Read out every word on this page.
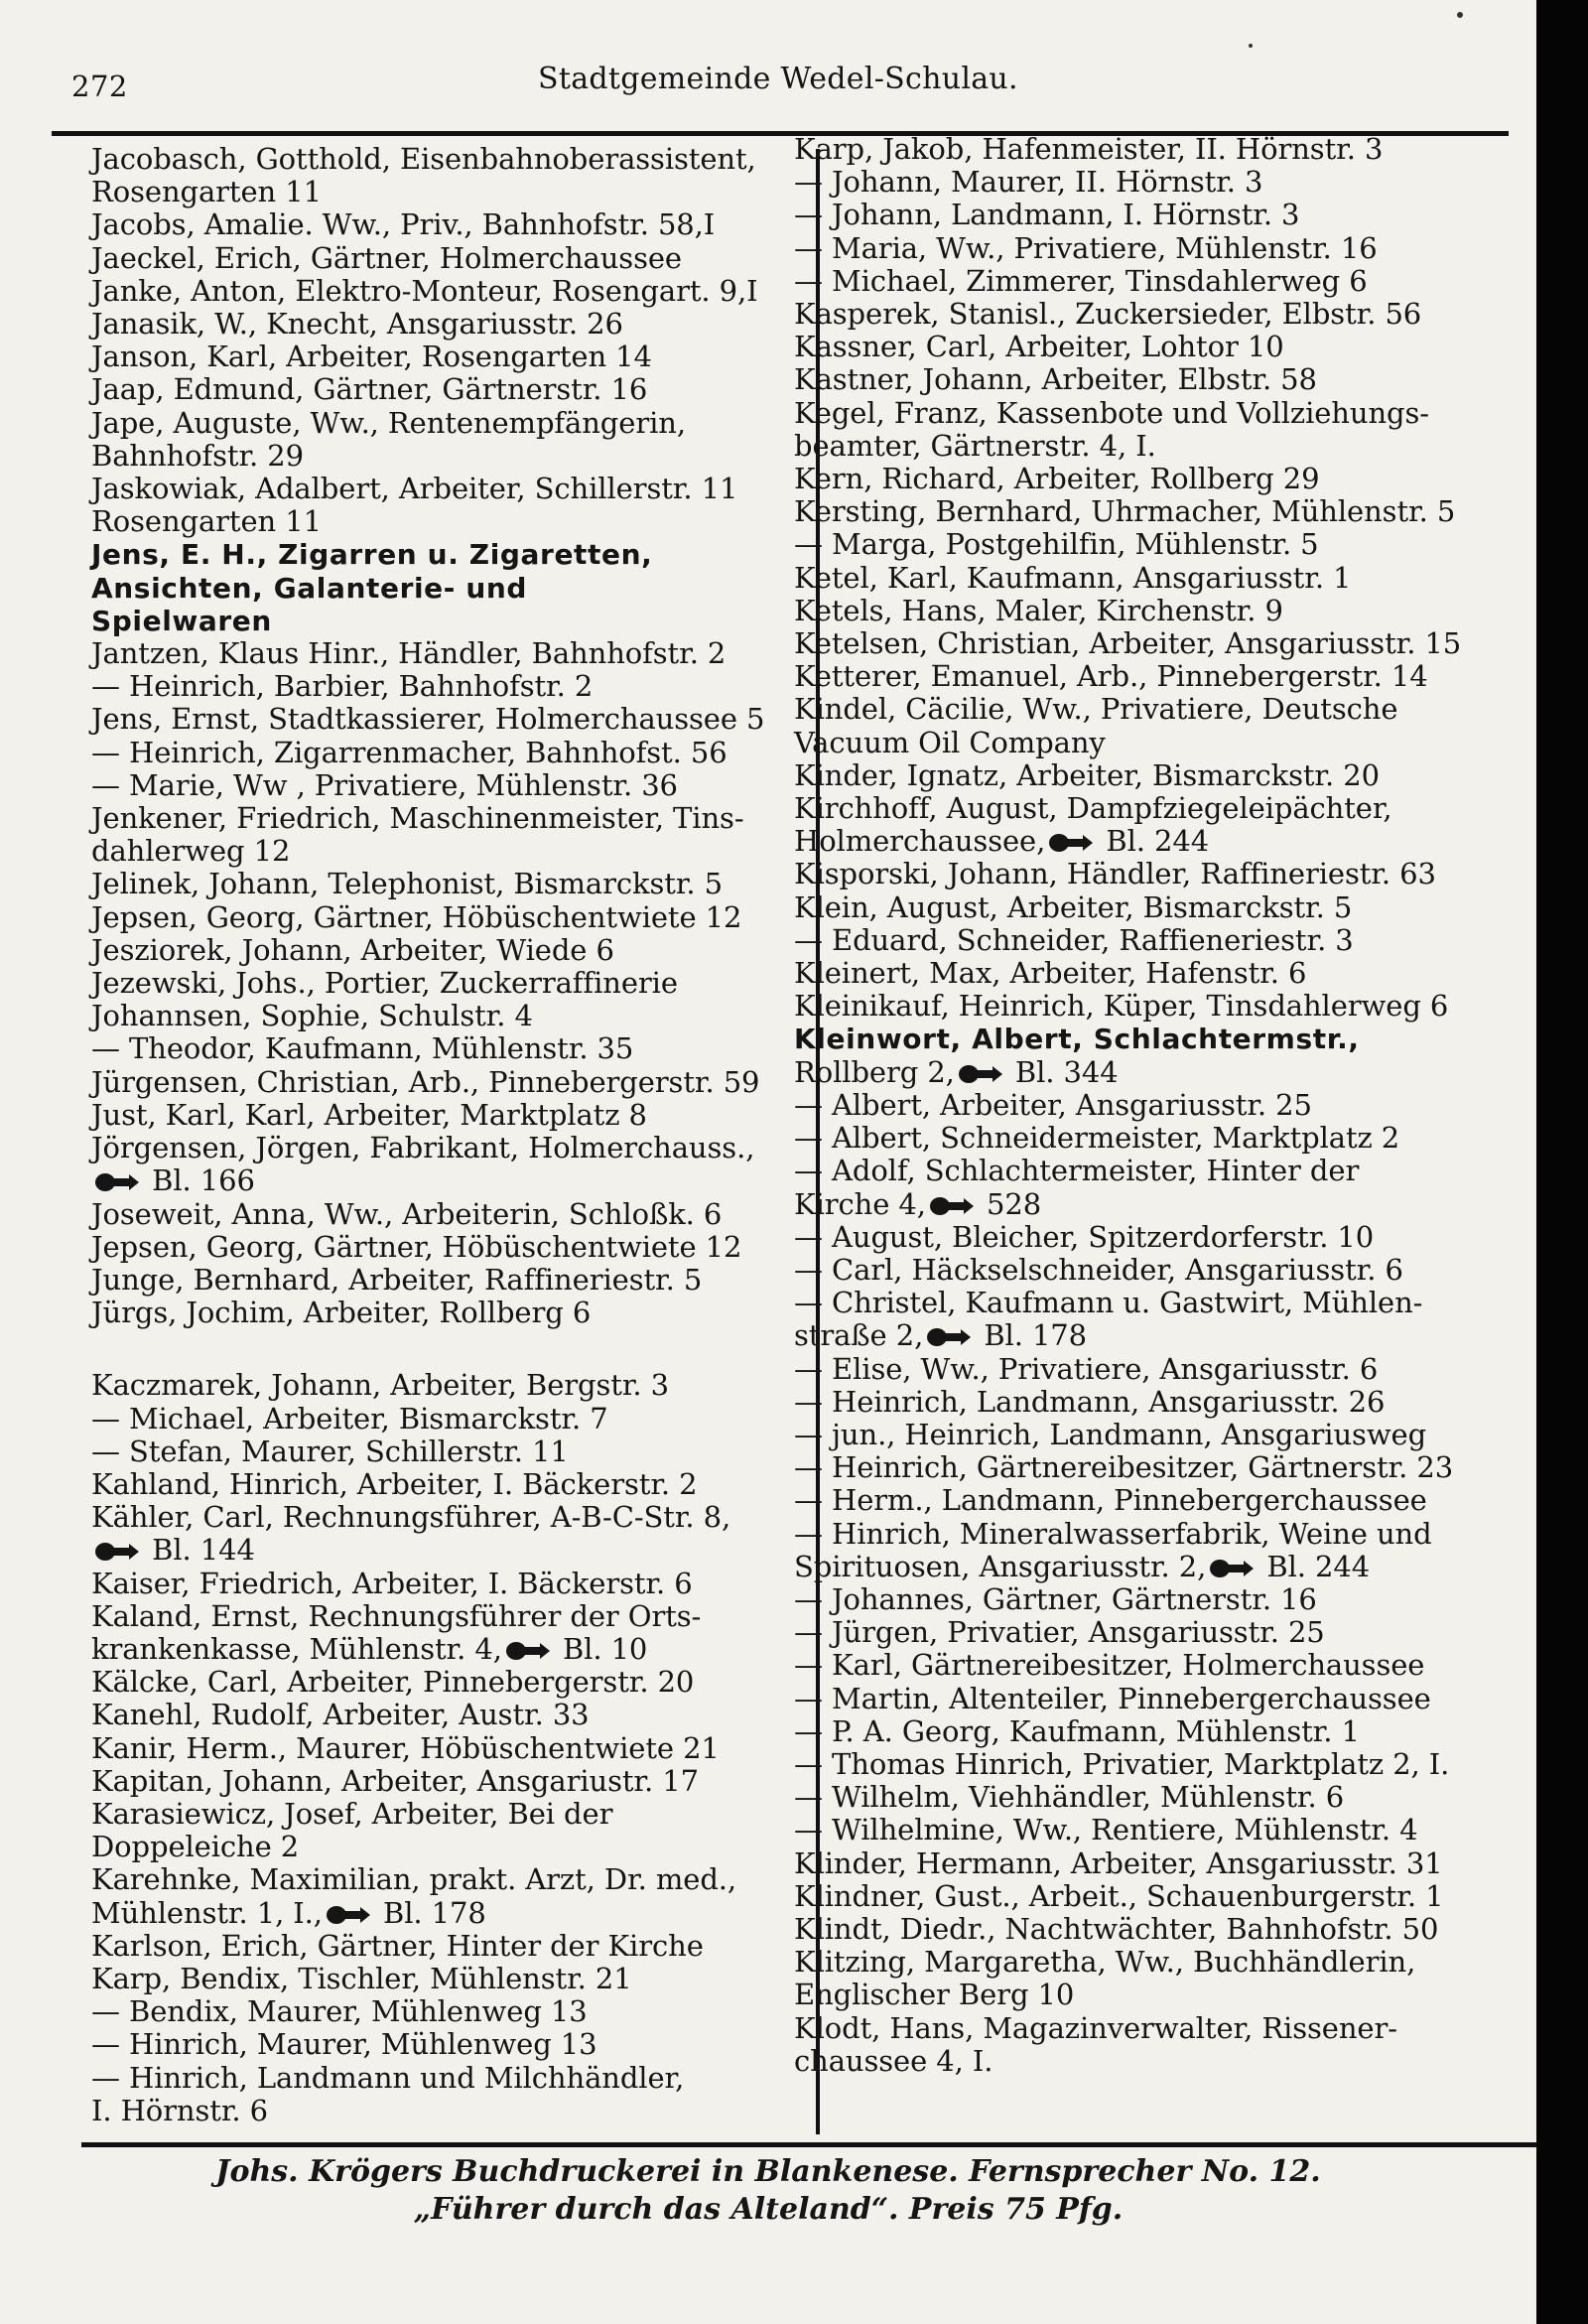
272	Stadtgemeinde Wedel-Schulau.
Jacobasch, Gotthold, Eisenbahnoberassistent,
Rosengarten 11
Jacobs, Amalie. Ww., Priv., Bahnhofstr. 58,I
Jaeckel, Erich, Gärtner, Holmerchaussee
Janke, Anton, Elektro-Monteur, Rosengart. 9,I
Janasik, W., Knecht, Ansgariusstr. 26
Janson, Karl, Arbeiter, Rosengarten 14
Jaap, Edmund, Gärtner, Gärtnerstr. 16
Jape, Auguste, Ww., Rentenempfängerin,
Bahnhofstr. 29
Jaskowiak, Adalbert, Arbeiter, Schillerstr. 11
Rosengarten 11
Jens, E. H., Zigarren u. Zigaretten,
Ansichten, Galanterie- und
Spielwaren
Jantzen, Klaus Hinr., Händler, Bahnhofstr. 2
— Heinrich, Barbier, Bahnhofstr. 2
Jens, Ernst, Stadtkassierer, Holmerchaussee 5
— Heinrich, Zigarrenmacher, Bahnhofst. 56
— Marie, Ww , Privatiere, Mühlenstr. 36
Jenkener, Friedrich, Maschinenmeister, Tins-
dahlerweg 12
Jelinek, Johann, Telephonist, Bismarckstr. 5
Jepsen, Georg, Gärtner, Höbüschentwiete 12
Jesziorek, Johann, Arbeiter, Wiede 6
Jezewski, Johs., Portier, Zuckerraffinerie
Johannsen, Sophie, Schulstr. 4
— Theodor, Kaufmann, Mühlenstr. 35
Jürgensen, Christian, Arb., Pinnebergerstr. 59
Just, Karl, Karl, Arbeiter, Marktplatz 8
Jörgensen, Jörgen, Fabrikant, Holmerchauss.,
Bl. 166
Joseweit, Anna, Ww., Arbeiterin, Schloßk. 6
Jepsen, Georg, Gärtner, Höbüschentwiete 12
Junge, Bernhard, Arbeiter, Raffineriestr. 5
Jürgs, Jochim, Arbeiter, Rollberg 6
Kaczmarek, Johann, Arbeiter, Bergstr. 3
— Michael, Arbeiter, Bismarckstr. 7
— Stefan, Maurer, Schillerstr. 11
Kahland, Hinrich, Arbeiter, I. Bäckerstr. 2
Kähler, Carl, Rechnungsführer, A-B-C-Str. 8,
Bl. 144
Kaiser, Friedrich, Arbeiter, I. Bäckerstr. 6
Kaland, Ernst, Rechnungsführer der Orts-
krankenkasse, Mühlenstr. 4, Bl. 10
Kälcke, Carl, Arbeiter, Pinnebergerstr. 20
Kanehl, Rudolf, Arbeiter, Austr. 33
Kanir, Herm., Maurer, Höbüschentwiete 21
Kapitan, Johann, Arbeiter, Ansgariustr. 17
Karasiewicz, Josef, Arbeiter, Bei der
Doppeleiche 2
Karehnke, Maximilian, prakt. Arzt, Dr. med.,
Mühlenstr. 1, I., Bl. 178
Karlson, Erich, Gärtner, Hinter der Kirche
Karp, Bendix, Tischler, Mühlenstr. 21
— Bendix, Maurer, Mühlenweg 13
— Hinrich, Maurer, Mühlenweg 13
— Hinrich, Landmann und Milchhändler,
I. Hörnstr. 6
Karp, Jakob, Hafenmeister, II. Hörnstr. 3
— Johann, Maurer, II. Hörnstr. 3
— Johann, Landmann, I. Hörnstr. 3
— Maria, Ww., Privatiere, Mühlenstr. 16
— Michael, Zimmerer, Tinsdahlerweg 6
Kasperek, Stanisl., Zuckersieder, Elbstr. 56
Kassner, Carl, Arbeiter, Lohtor 10
Kastner, Johann, Arbeiter, Elbstr. 58
Kegel, Franz, Kassenbote und Vollziehungs-
beamter, Gärtnerstr. 4, I.
Kern, Richard, Arbeiter, Rollberg 29
Kersting, Bernhard, Uhrmacher, Mühlenstr. 5
— Marga, Postgehilfin, Mühlenstr. 5
Ketel, Karl, Kaufmann, Ansgariusstr. 1
Ketels, Hans, Maler, Kirchenstr. 9
Ketelsen, Christian, Arbeiter, Ansgariusstr. 15
Ketterer, Emanuel, Arb., Pinnebergerstr. 14
Kindel, Cäcilie, Ww., Privatiere, Deutsche
Vacuum Oil Company
Kinder, Ignatz, Arbeiter, Bismarckstr. 20
Kirchhoff, August, Dampfziegeleipächter,
Holmerchaussee, Bl. 244
Kisporski, Johann, Händler, Raffineriestr. 63
Klein, August, Arbeiter, Bismarckstr. 5
— Eduard, Schneider, Raffieneriestr. 3
Kleinert, Max, Arbeiter, Hafenstr. 6
Kleinikauf, Heinrich, Küper, Tinsdahlerweg 6
Kleinwort, Albert, Schlachtermstr.,
Rollberg 2, Bl. 344
— Albert, Arbeiter, Ansgariusstr. 25
— Albert, Schneidermeister, Marktplatz 2
— Adolf, Schlachtermeister, Hinter der
Kirche 4, 528
— August, Bleicher, Spitzerdorferstr. 10
— Carl, Häckselschneider, Ansgariusstr. 6
— Christel, Kaufmann u. Gastwirt, Mühlen-
straße 2, Bl. 178
— Elise, Ww., Privatiere, Ansgariusstr. 6
— Heinrich, Landmann, Ansgariusstr. 26
— jun., Heinrich, Landmann, Ansgariusweg
— Heinrich, Gärtnereibesitzer, Gärtnerstr. 23
— Herm., Landmann, Pinnebergerchaussee
— Hinrich, Mineralwasserfabrik, Weine und
Spirituosen, Ansgariusstr. 2, Bl. 244
— Johannes, Gärtner, Gärtnerstr. 16
— Jürgen, Privatier, Ansgariusstr. 25
— Karl, Gärtnereibesitzer, Holmerchaussee
— Martin, Altenteiler, Pinnebergerchaussee
— P. A. Georg, Kaufmann, Mühlenstr. 1
— Thomas Hinrich, Privatier, Marktplatz 2, I.
— Wilhelm, Viehhändler, Mühlenstr. 6
— Wilhelmine, Ww., Rentiere, Mühlenstr. 4
Klinder, Hermann, Arbeiter, Ansgariusstr. 31
Klindner, Gust., Arbeit., Schauenburgerstr. 1
Klindt, Diedr., Nachtwächter, Bahnhofstr. 50
Klitzing, Margaretha, Ww., Buchhändlerin,
Englischer Berg 10
Klodt, Hans, Magazinverwalter, Rissener-
chaussee 4, I.
Johs. Krögers Buchdruckerei in Blankenese. Fernsprecher No. 12.
„Führer durch das Alteland“. Preis 75 Pfg.
